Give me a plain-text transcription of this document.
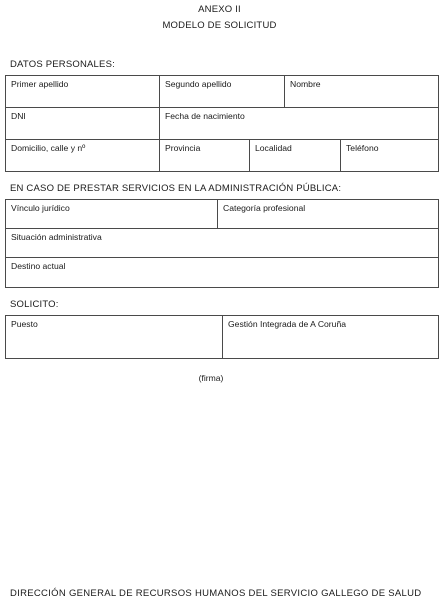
ANEXO II
MODELO DE SOLICITUD
DATOS PERSONALES:
Primer apellido	Segundo apellido		Nombre	
DNI	Fecha de nacimiento			
Domicilio, calle y nº	Provincia	Localidad		Teléfono
EN CASO DE PRESTAR SERVICIOS EN LA ADMINISTRACIÓN PÚBLICA:
Vínculo jurídico	Categoría profesional
Situación administrativa
Destino actual
SOLICITO:
Puesto	Gestión Integrada de A Coruña
(firma)
DIRECCIÓN GENERAL DE RECURSOS HUMANOS DEL SERVICIO GALLEGO DE SALUD
